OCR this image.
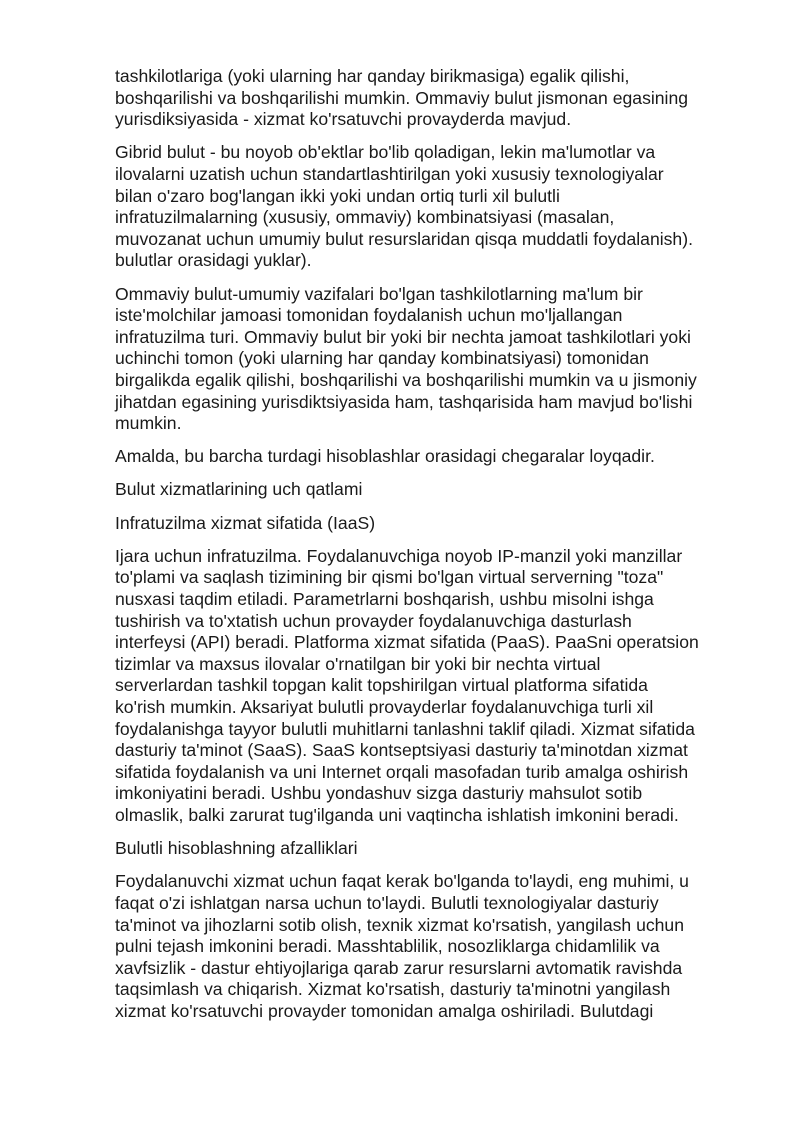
tashkilotlariga (yoki ularning har qanday birikmasiga) egalik qilishi,
boshqarilishi va boshqarilishi mumkin. Ommaviy bulut jismonan egasining
yurisdiksiyasida - xizmat ko'rsatuvchi provayderda mavjud.

Gibrid bulut - bu noyob ob'ektlar bo'lib qoladigan, lekin ma'lumotlar va
ilovalarni uzatish uchun standartlashtirilgan yoki xususiy texnologiyalar
bilan o'zaro bog'langan ikki yoki undan ortiq turli xil bulutli
infratuzilmalarning (xususiy, ommaviy) kombinatsiyasi (masalan,
muvozanat uchun umumiy bulut resurslaridan qisqa muddatli foydalanish).
bulutlar orasidagi yuklar).

Ommaviy bulut-umumiy vazifalari bo'lgan tashkilotlarning ma'lum bir
iste'molchilar jamoasi tomonidan foydalanish uchun mo'ljallangan
infratuzilma turi. Ommaviy bulut bir yoki bir nechta jamoat tashkilotlari yoki
uchinchi tomon (yoki ularning har qanday kombinatsiyasi) tomonidan
birgalikda egalik qilishi, boshqarilishi va boshqarilishi mumkin va u jismoniy
jihatdan egasining yurisdiktsiyasida ham, tashqarisida ham mavjud bo'lishi
mumkin.

Amalda, bu barcha turdagi hisoblashlar orasidagi chegaralar loyqadir.

Bulut xizmatlarining uch qatlami

Infratuzilma xizmat sifatida (IaaS)

Ijara uchun infratuzilma. Foydalanuvchiga noyob IP-manzil yoki manzillar
to'plami va saqlash tizimining bir qismi bo'lgan virtual serverning "toza"
nusxasi taqdim etiladi. Parametrlarni boshqarish, ushbu misolni ishga
tushirish va to'xtatish uchun provayder foydalanuvchiga dasturlash
interfeysi (API) beradi. Platforma xizmat sifatida (PaaS). PaaSni operatsion
tizimlar va maxsus ilovalar o'rnatilgan bir yoki bir nechta virtual
serverlardan tashkil topgan kalit topshirilgan virtual platforma sifatida
ko'rish mumkin. Aksariyat bulutli provayderlar foydalanuvchiga turli xil
foydalanishga tayyor bulutli muhitlarni tanlashni taklif qiladi. Xizmat sifatida
dasturiy ta'minot (SaaS). SaaS kontseptsiyasi dasturiy ta'minotdan xizmat
sifatida foydalanish va uni Internet orqali masofadan turib amalga oshirish
imkoniyatini beradi. Ushbu yondashuv sizga dasturiy mahsulot sotib
olmaslik, balki zarurat tug'ilganda uni vaqtincha ishlatish imkonini beradi.

Bulutli hisoblashning afzalliklari

Foydalanuvchi xizmat uchun faqat kerak bo'lganda to'laydi, eng muhimi, u
faqat o'zi ishlatgan narsa uchun to'laydi. Bulutli texnologiyalar dasturiy
ta'minot va jihozlarni sotib olish, texnik xizmat ko'rsatish, yangilash uchun
pulni tejash imkonini beradi. Masshtablilik, nosozliklarga chidamlilik va
xavfsizlik - dastur ehtiyojlariga qarab zarur resurslarni avtomatik ravishda
taqsimlash va chiqarish. Xizmat ko'rsatish, dasturiy ta'minotni yangilash
xizmat ko'rsatuvchi provayder tomonidan amalga oshiriladi. Bulutdagi
